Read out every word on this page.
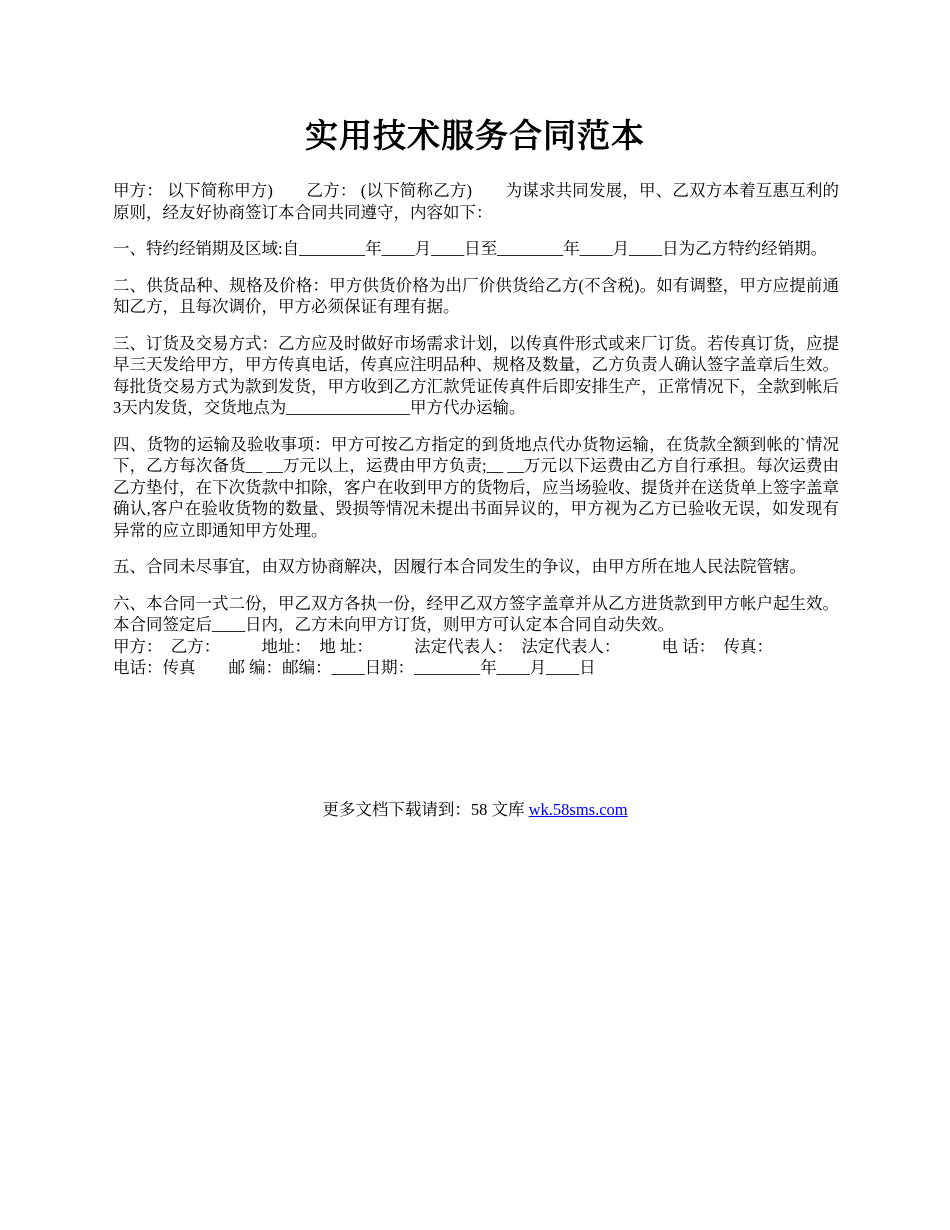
实用技术服务合同范本

甲方： 以下简称甲方)　　乙方： (以下简称乙方)　　为谋求共同发展，甲、乙双方本着互惠互利的原则，经友好协商签订本合同共同遵守，内容如下：

一、特约经销期及区域:自________年____月____日至________年____月____日为乙方特约经销期。

二、供货品种、规格及价格：甲方供货价格为出厂价供货给乙方(不含税)。如有调整，甲方应提前通知乙方，且每次调价，甲方必须保证有理有据。

三、订货及交易方式：乙方应及时做好市场需求计划，以传真件形式或来厂订货。若传真订货，应提早三天发给甲方，甲方传真电话，传真应注明品种、规格及数量，乙方负责人确认签字盖章后生效。每批货交易方式为款到发货，甲方收到乙方汇款凭证传真件后即安排生产，正常情况下，全款到帐后3天内发货，交货地点为_______________甲方代办运输。

四、货物的运输及验收事项：甲方可按乙方指定的到货地点代办货物运输，在货款全额到帐的`情况下，乙方每次备货__ __万元以上，运费由甲方负责;__ __万元以下运费由乙方自行承担。每次运费由乙方垫付，在下次货款中扣除，客户在收到甲方的货物后，应当场验收、提货并在送货单上签字盖章确认,客户在验收货物的数量、毁损等情况未提出书面异议的，甲方视为乙方已验收无误，如发现有异常的应立即通知甲方处理。

五、合同未尽事宜，由双方协商解决，因履行本合同发生的争议，由甲方所在地人民法院管辖。

六、本合同一式二份，甲乙双方各执一份，经甲乙双方签字盖章并从乙方进货款到甲方帐户起生效。本合同签定后____日内，乙方未向甲方订货，则甲方可认定本合同自动失效。

甲方：　乙方：　　　地址：　地 址：　　　法定代表人：　法定代表人：　　　电 话：　传真：

电话：传真　　邮 编：邮编：____日期：________年____月____日

更多文档下载请到：58 文库 wk.58sms.com
